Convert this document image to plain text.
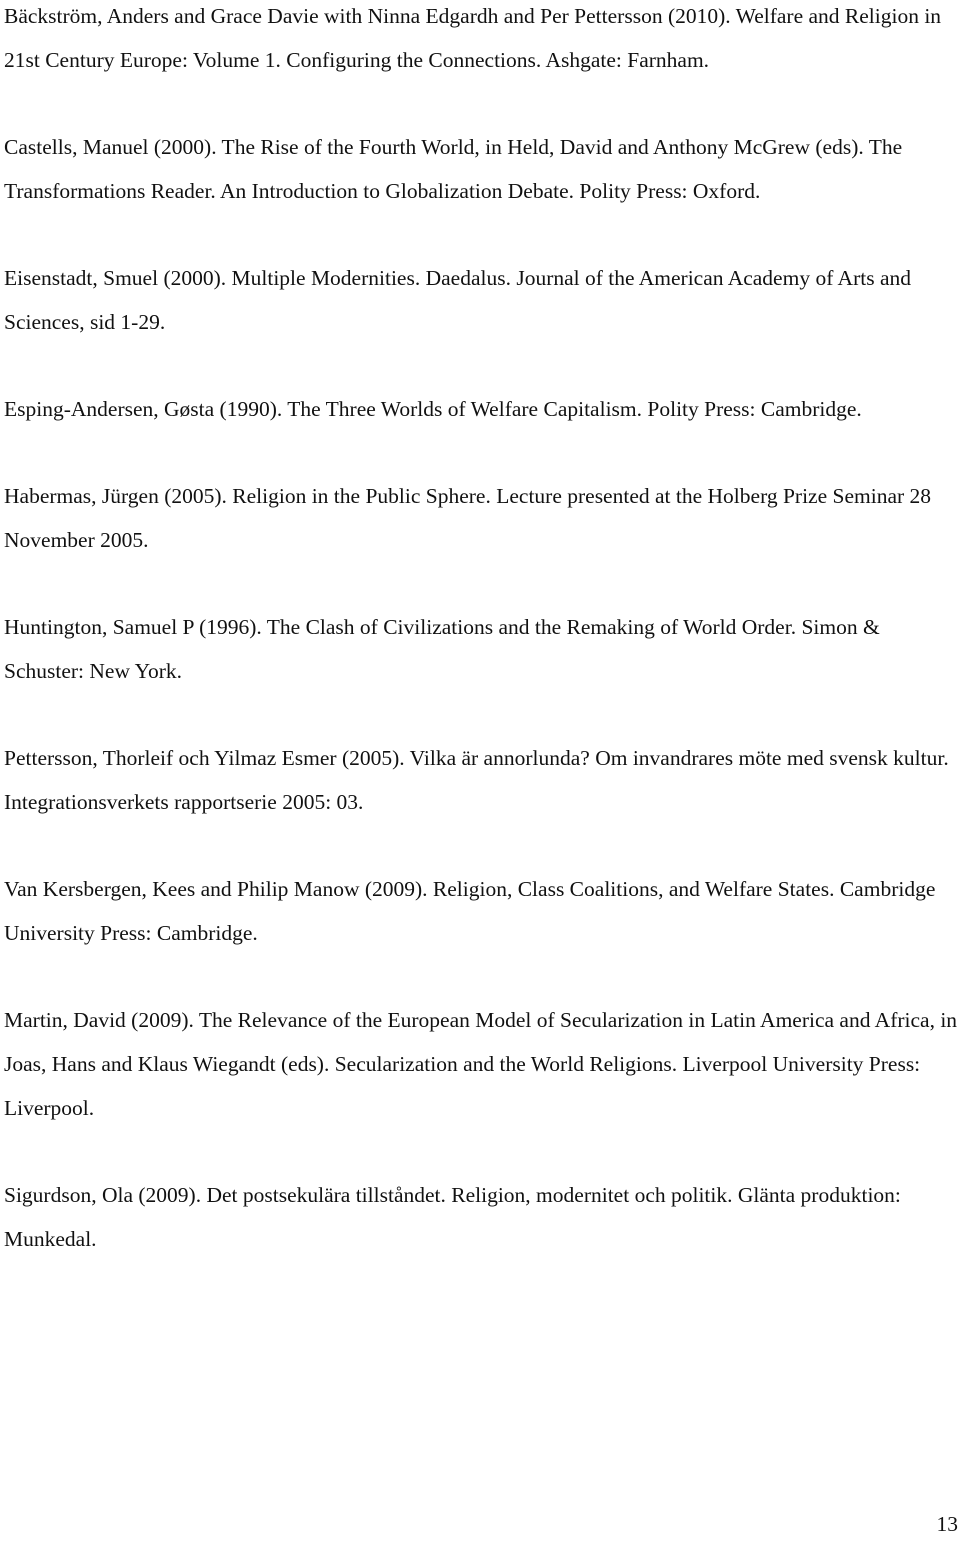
Bäckström, Anders and Grace Davie with Ninna Edgardh and Per Pettersson (2010). Welfare and Religion in 21st Century Europe: Volume 1. Configuring the Connections. Ashgate: Farnham.

Castells, Manuel (2000). The Rise of the Fourth World, in Held, David and Anthony McGrew (eds). The Transformations Reader. An Introduction to Globalization Debate. Polity Press: Oxford.

Eisenstadt, Smuel (2000). Multiple Modernities. Daedalus. Journal of the American Academy of Arts and Sciences, sid 1-29.

Esping-Andersen, Gøsta (1990). The Three Worlds of Welfare Capitalism. Polity Press: Cambridge.

Habermas, Jürgen (2005). Religion in the Public Sphere. Lecture presented at the Holberg Prize Seminar 28 November 2005.

Huntington, Samuel P (1996). The Clash of Civilizations and the Remaking of World Order. Simon & Schuster: New York.

Pettersson, Thorleif och Yilmaz Esmer (2005). Vilka är annorlunda? Om invandrares möte med svensk kultur. Integrationsverkets rapportserie 2005: 03.

Van Kersbergen, Kees and Philip Manow (2009). Religion, Class Coalitions, and Welfare States. Cambridge University Press: Cambridge.

Martin, David (2009). The Relevance of the European Model of Secularization in Latin America and Africa, in Joas, Hans and Klaus Wiegandt (eds). Secularization and the World Religions. Liverpool University Press: Liverpool.

Sigurdson, Ola (2009). Det postsekulära tillståndet. Religion, modernitet och politik. Glänta produktion: Munkedal.

13
